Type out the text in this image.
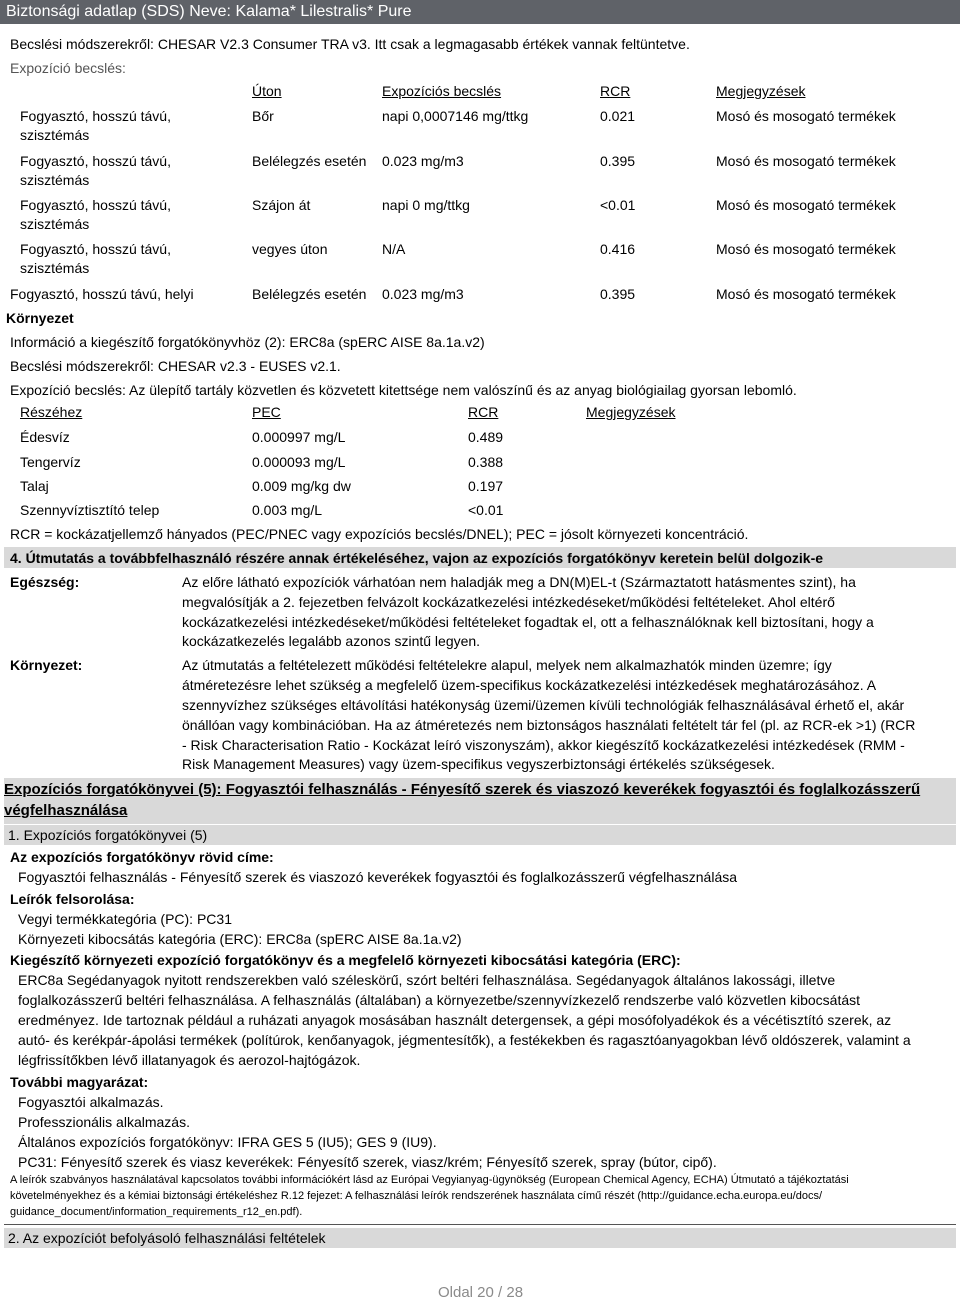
Biztonsági adatlap (SDS) Neve: Kalama* Lilestralis* Pure
Becslési módszerekről: CHESAR V2.3 Consumer TRA v3. Itt csak a legmagasabb értékek vannak feltüntetve.
Expozíció becslés:
Úton	Expozíciós becslés	RCR	Megjegyzések
Fogyasztó, hosszú távú,
szisztémás
Bőr	napi 0,0007146 mg/ttkg	0.021	Mosó és mosogató termékek
Fogyasztó, hosszú távú,
szisztémás
Belélegzés esetén 0.023 mg/m3	0.395	Mosó és mosogató termékek
Fogyasztó, hosszú távú,
szisztémás
Szájon át	napi 0 mg/ttkg	<0.01	Mosó és mosogató termékek
Fogyasztó, hosszú távú,
szisztémás
vegyes úton	N/A	0.416	Mosó és mosogató termékek
Fogyasztó, hosszú távú, helyi	Belélegzés esetén 0.023 mg/m3	0.395	Mosó és mosogató termékek
Környezet
Információ a kiegészítő forgatókönyvhöz (2): ERC8a (spERC AISE 8a.1a.v2)
Becslési módszerekről: CHESAR v2.3 - EUSES v2.1.
Expozíció becslés: Az ülepítő tartály közvetlen és közvetett kitettsége nem valószínű és az anyag biológiailag gyorsan lebomló.
Részéhez	PEC	RCR	Megjegyzések
Édesvíz	0.000997 mg/L	0.489
Tengervíz	0.000093 mg/L	0.388
Talaj	0.009 mg/kg dw	0.197
Szennyvíztisztító telep	0.003 mg/L	<0.01
RCR = kockázatjellemző hányados (PEC/PNEC vagy expozíciós becslés/DNEL); PEC = jósolt környezeti koncentráció.
4. Útmutatás a továbbfelhasználó részére annak értékeléséhez, vajon az expozíciós forgatókönyv keretein belül dolgozik-e
Egészség:	Az előre látható expozíciók várhatóan nem haladják meg a DN(M)EL-t (Származtatott hatásmentes szint), ha
megvalósítják a 2. fejezetben felvázolt kockázatkezelési intézkedéseket/működési feltételeket. Ahol eltérő
kockázatkezelési intézkedéseket/működési feltételeket fogadtak el, ott a felhasználóknak kell biztosítani, hogy a
kockázatkezelés legalább azonos szintű legyen.
Környezet:	Az útmutatás a feltételezett működési feltételekre alapul, melyek nem alkalmazhatók minden üzemre; így
átméretezésre lehet szükség a megfelelő üzem-specifikus kockázatkezelési intézkedések meghatározásához. A
szennyvízhez szükséges eltávolítási hatékonyság üzemi/üzemen kívüli technológiák felhasználásával érhető el, akár
önállóan vagy kombinációban. Ha az átméretezés nem biztonságos használati feltételt tár fel (pl. az RCR-ek >1) (RCR
- Risk Characterisation Ratio - Kockázat leíró viszonyszám), akkor kiegészítő kockázatkezelési intézkedések (RMM -
Risk Management Measures) vagy üzem-specifikus vegyszerbiztonsági értékelés szükségesek.
Expozíciós forgatókönyvei (5): Fogyasztói felhasználás - Fényesítő szerek és viaszozó keverékek fogyasztói és foglalkozásszerű
végfelhasználása
1. Expozíciós forgatókönyvei (5)
Az expozíciós forgatókönyv rövid címe:
Fogyasztói felhasználás - Fényesítő szerek és viaszozó keverékek fogyasztói és foglalkozásszerű végfelhasználása
Leírók felsorolása:
Vegyi termékkategória (PC): PC31
Környezeti kibocsátás kategória (ERC): ERC8a (spERC AISE 8a.1a.v2)
Kiegészítő környezeti expozíció forgatókönyv és a megfelelő környezeti kibocsátási kategória (ERC):
ERC8a Segédanyagok nyitott rendszerekben való széleskörű, szórt beltéri felhasználása. Segédanyagok általános lakossági, illetve
foglalkozásszerű beltéri felhasználása. A felhasználás (általában) a környezetbe/szennyvízkezelő rendszerbe való közvetlen kibocsátást
eredményez. Ide tartoznak például a ruházati anyagok mosásában használt detergensek, a gépi mosófolyadékok és a vécétisztító szerek, az
autó- és kerékpár-ápolási termékek (polítúrok, kenőanyagok, jégmentesítők), a festékekben és ragasztóanyagokban lévő oldószerek, valamint a
légfrissítőkben lévő illatanyagok és aerozol-hajtógázok.
További magyarázat:
Fogyasztói alkalmazás.
Professzionális alkalmazás.
Általános expozíciós forgatókönyv: IFRA GES 5 (IU5); GES 9 (IU9).
PC31: Fényesítő szerek és viasz keverékek: Fényesítő szerek, viasz/krém; Fényesítő szerek, spray (bútor, cipő).
A leírók szabványos használatával kapcsolatos további információkért lásd az Európai Vegyianyag-ügynökség (European Chemical Agency, ECHA) Útmutató a tájékoztatási
követelményekhez és a kémiai biztonsági értékeléshez R.12 fejezet: A felhasználási leírók rendszerének használata című részét (http://guidance.echa.europa.eu/docs/
guidance_document/information_requirements_r12_en.pdf).
2. Az expozíciót befolyásoló felhasználási feltételek
Oldal 20 / 28
